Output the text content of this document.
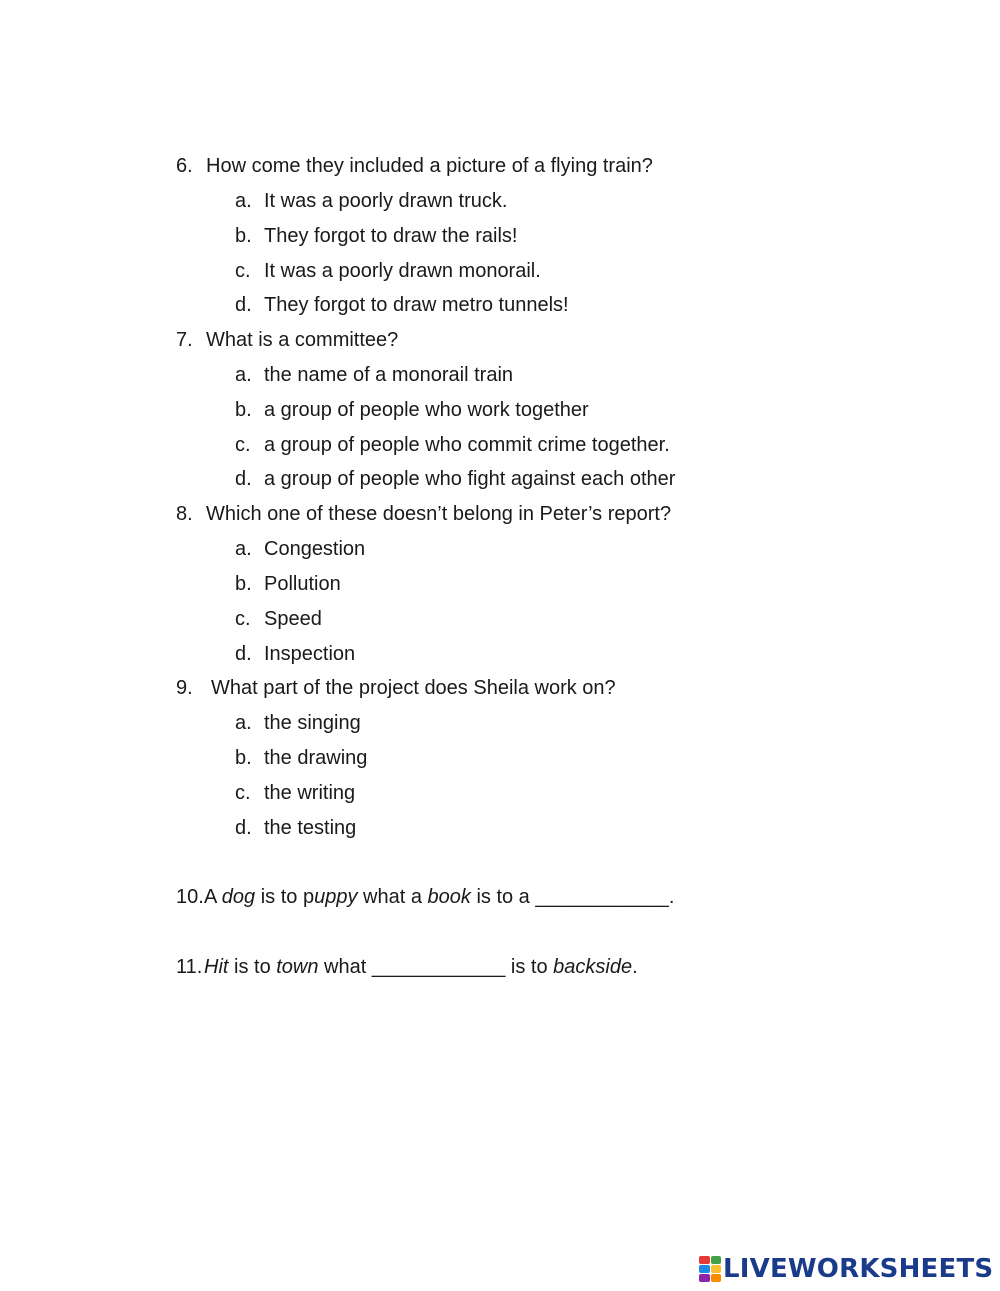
6. How come they included a picture of a flying train?
a. It was a poorly drawn truck.
b. They forgot to draw the rails!
c. It was a poorly drawn monorail.
d. They forgot to draw metro tunnels!
7. What is a committee?
a. the name of a monorail train
b. a group of people who work together
c. a group of people who commit crime together.
d. a group of people who fight against each other
8. Which one of these doesn’t belong in Peter’s report?
a. Congestion
b. Pollution
c. Speed
d. Inspection
9. What part of the project does Sheila work on?
a. the singing
b. the drawing
c. the writing
d. the testing
10. A dog is to puppy what a book is to a ____________.
11. Hit is to town what ____________ is to backside.
LIVEWORKSHEETS
